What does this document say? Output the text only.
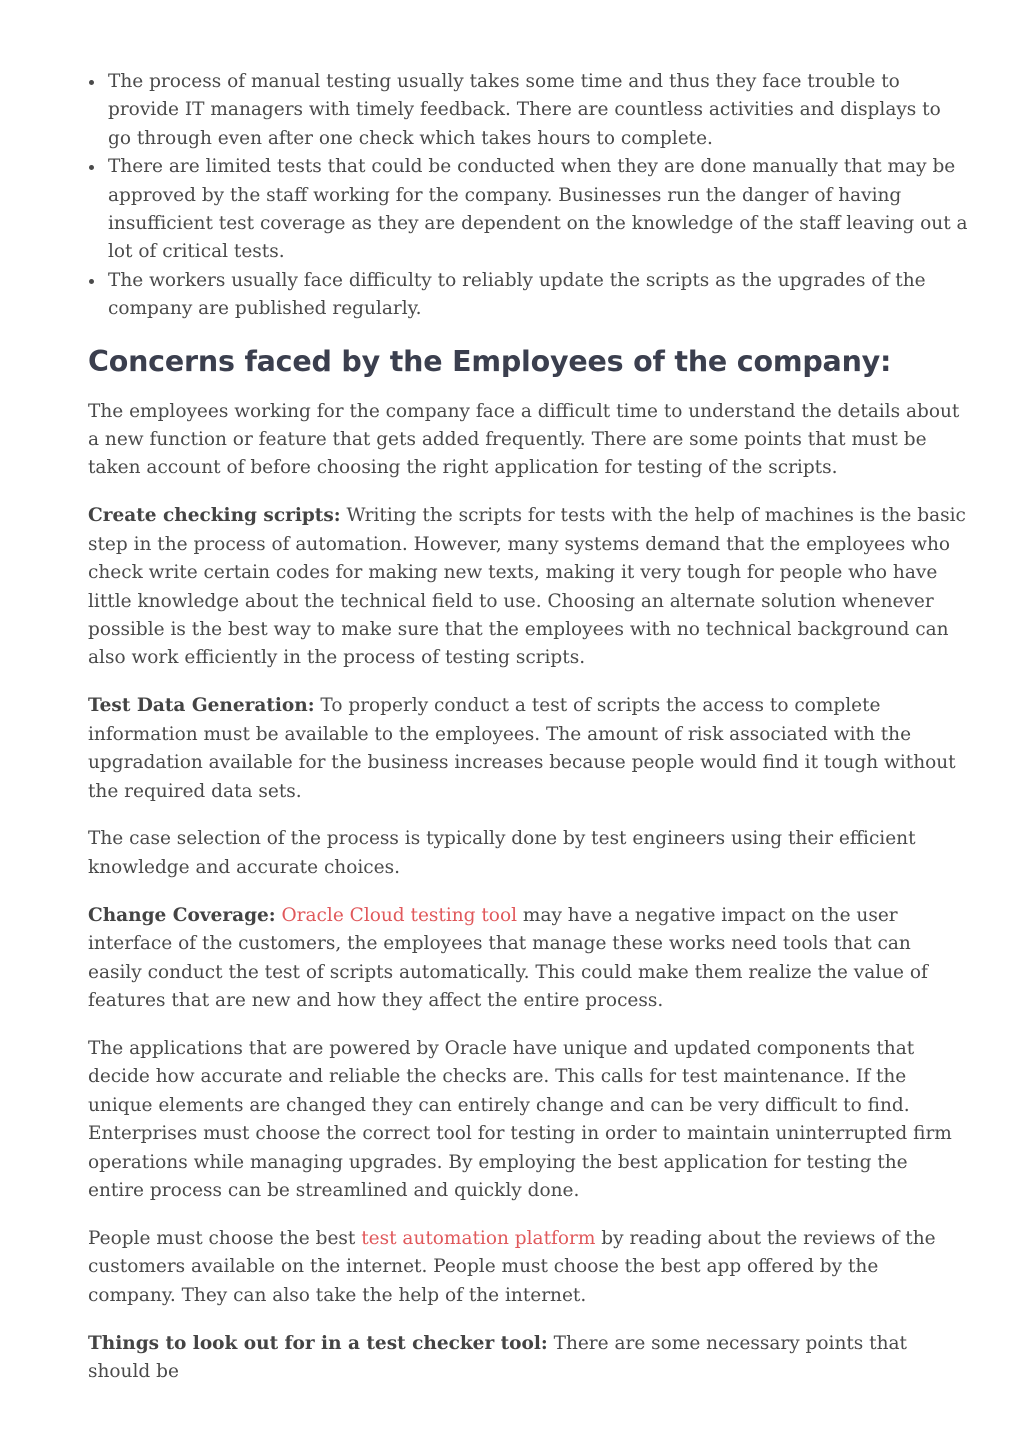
The process of manual testing usually takes some time and thus they face trouble to provide IT managers with timely feedback. There are countless activities and displays to go through even after one check which takes hours to complete.
There are limited tests that could be conducted when they are done manually that may be approved by the staff working for the company. Businesses run the danger of having insufficient test coverage as they are dependent on the knowledge of the staff leaving out a lot of critical tests.
The workers usually face difficulty to reliably update the scripts as the upgrades of the company are published regularly.
Concerns faced by the Employees of the company:

The employees working for the company face a difficult time to understand the details about a new function or feature that gets added frequently. There are some points that must be taken account of before choosing the right application for testing of the scripts.

Create checking scripts: Writing the scripts for tests with the help of machines is the basic step in the process of automation. However, many systems demand that the employees who check write certain codes for making new texts, making it very tough for people who have little knowledge about the technical field to use. Choosing an alternate solution whenever possible is the best way to make sure that the employees with no technical background can also work efficiently in the process of testing scripts.

Test Data Generation: To properly conduct a test of scripts the access to complete information must be available to the employees. The amount of risk associated with the upgradation available for the business increases because people would find it tough without the required data sets.

The case selection of the process is typically done by test engineers using their efficient knowledge and accurate choices.

Change Coverage: Oracle Cloud testing tool may have a negative impact on the user interface of the customers, the employees that manage these works need tools that can easily conduct the test of scripts automatically. This could make them realize the value of features that are new and how they affect the entire process.

The applications that are powered by Oracle have unique and updated components that decide how accurate and reliable the checks are. This calls for test maintenance. If the unique elements are changed they can entirely change and can be very difficult to find. Enterprises must choose the correct tool for testing in order to maintain uninterrupted firm operations while managing upgrades. By employing the best application for testing the entire process can be streamlined and quickly done.

People must choose the best test automation platform by reading about the reviews of the customers available on the internet. People must choose the best app offered by the company. They can also take the help of the internet.

Things to look out for in a test checker tool: There are some necessary points that should be
